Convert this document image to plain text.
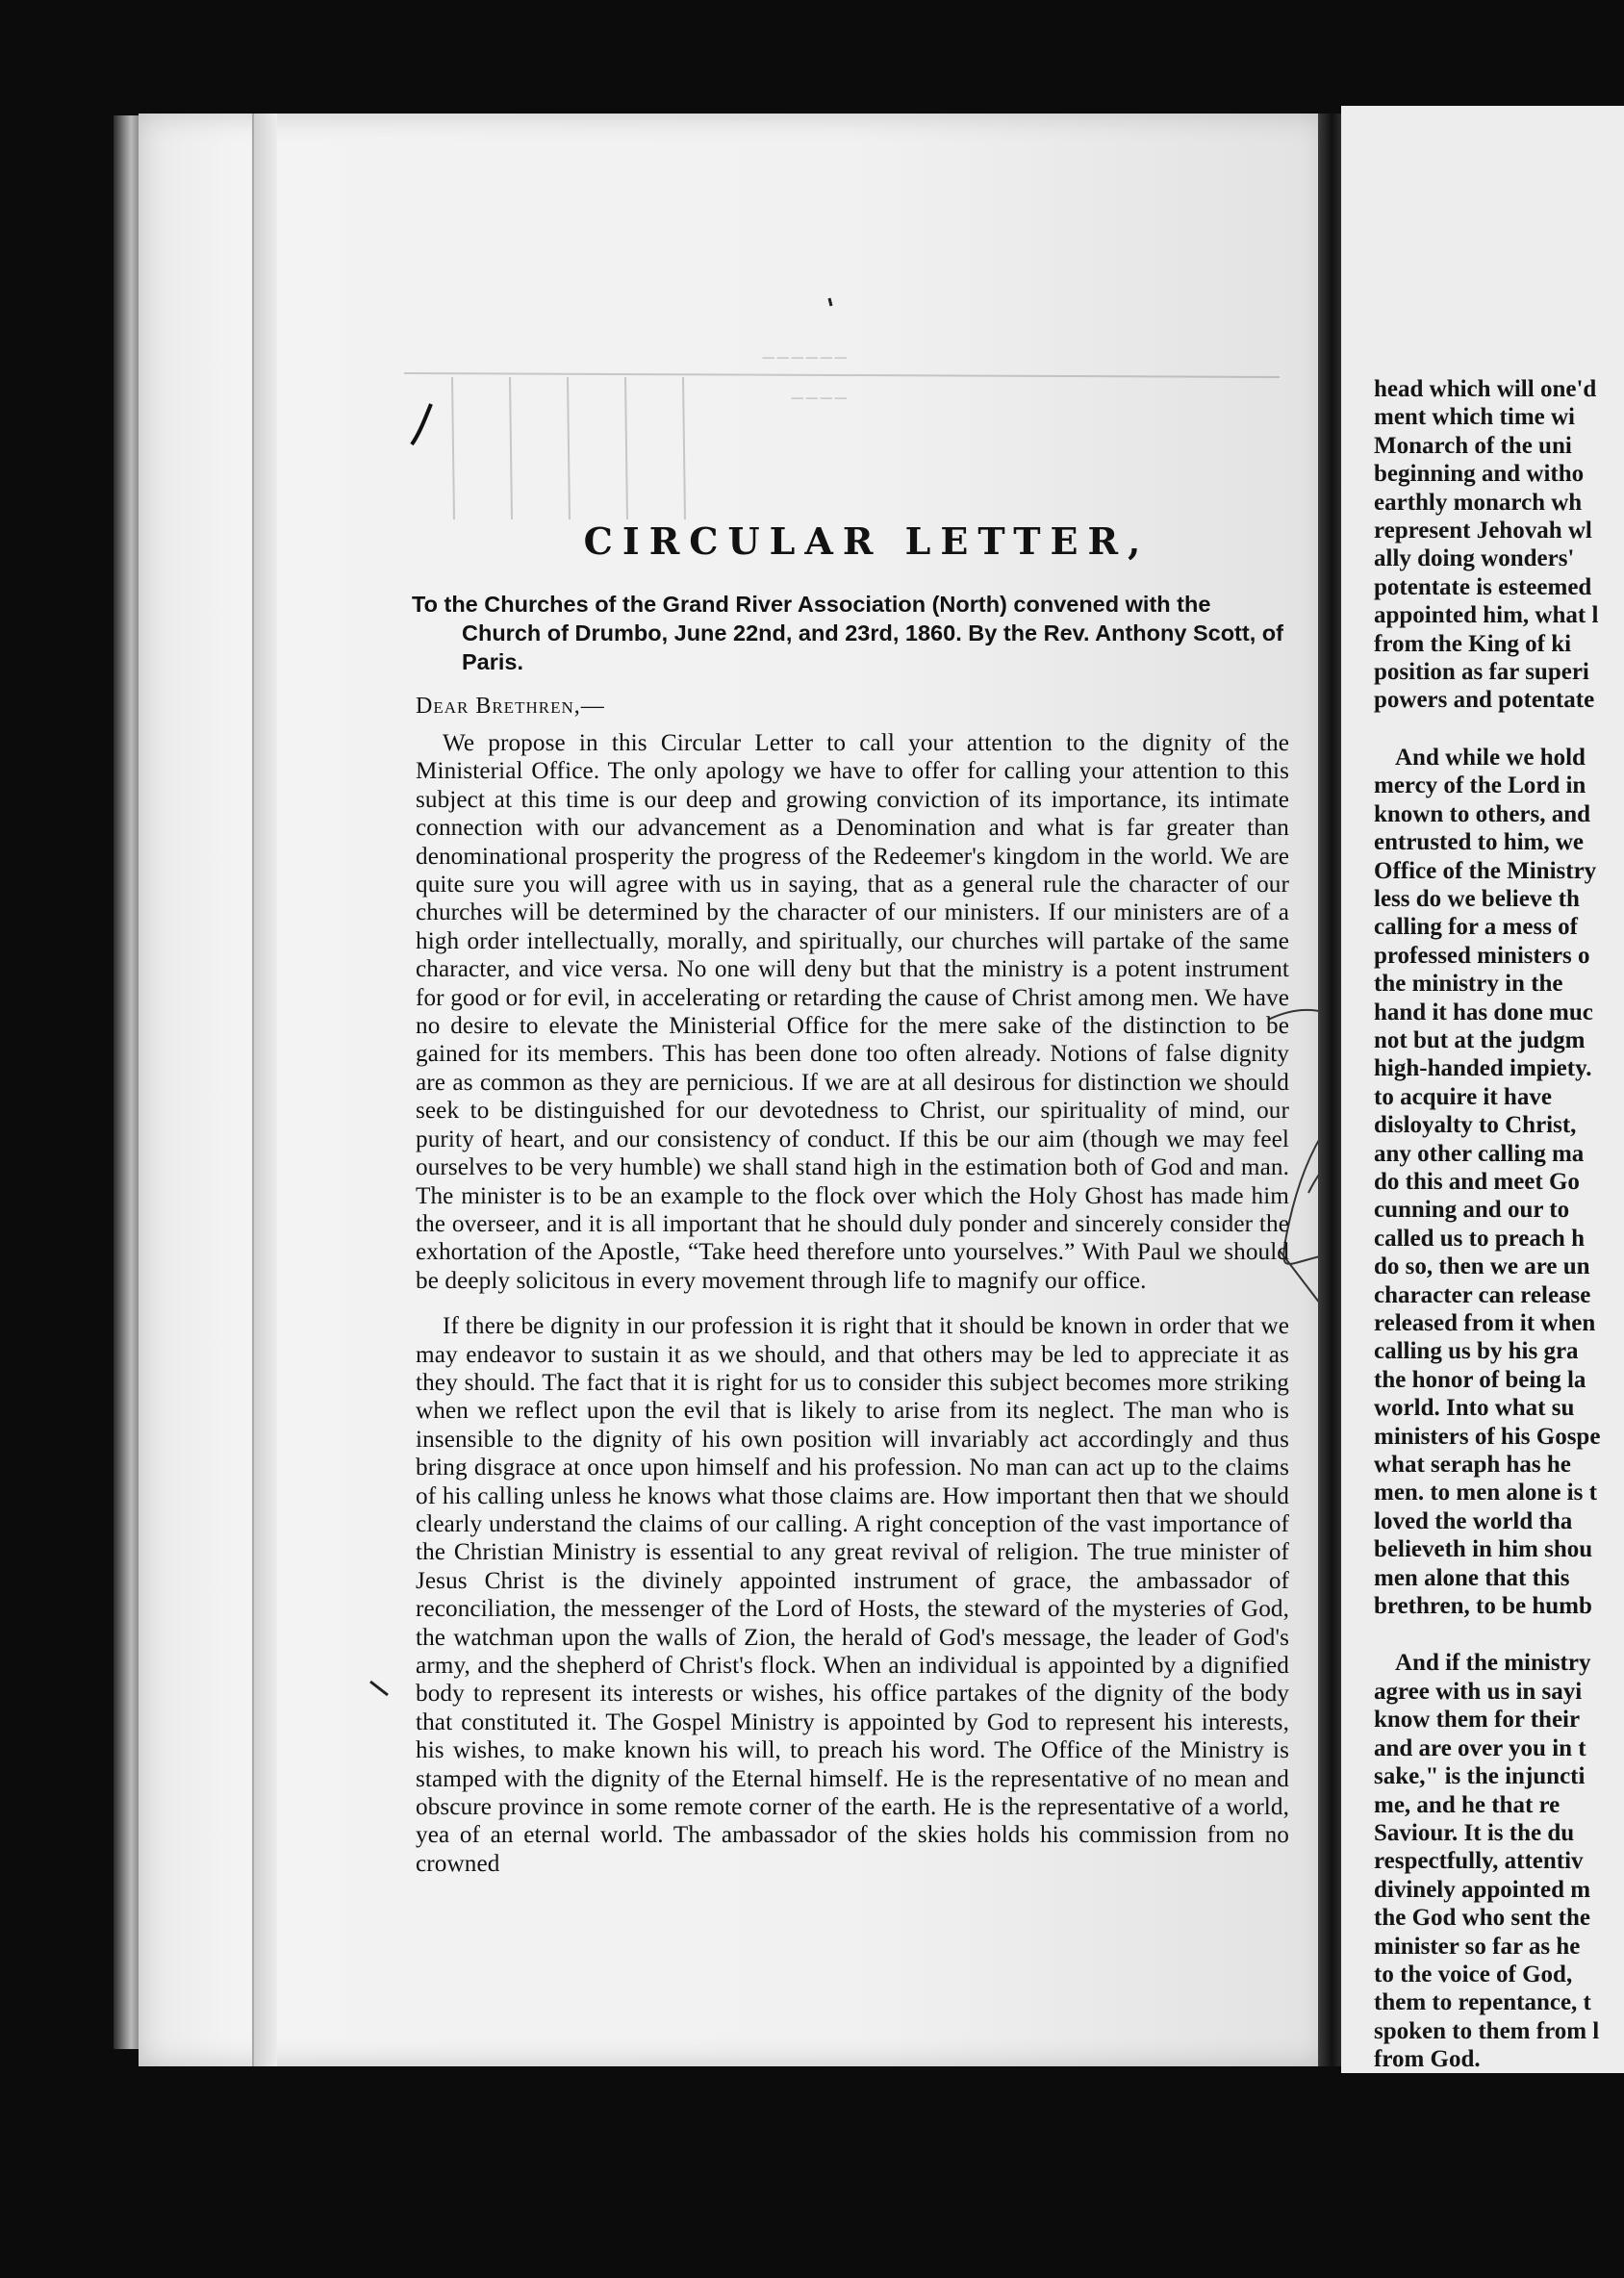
──────
────
CIRCULAR LETTER,

To the Churches of the Grand River Association (North) convened with the Church of Drumbo, June 22nd, and 23rd, 1860. By the Rev. Anthony Scott, of Paris.

Dear Brethren,—

We propose in this Circular Letter to call your attention to the dignity of the Ministerial Office. The only apology we have to offer for calling your attention to this subject at this time is our deep and growing conviction of its importance, its intimate connection with our advancement as a Denomination and what is far greater than denominational prosperity the progress of the Redeemer's kingdom in the world. We are quite sure you will agree with us in saying, that as a general rule the character of our churches will be determined by the character of our ministers. If our ministers are of a high order intellectually, morally, and spiritually, our churches will partake of the same character, and vice versa. No one will deny but that the ministry is a potent instrument for good or for evil, in accelerating or retarding the cause of Christ among men. We have no desire to elevate the Ministerial Office for the mere sake of the distinction to be gained for its members. This has been done too often already. Notions of false dignity are as common as they are pernicious. If we are at all desirous for distinction we should seek to be distinguished for our devotedness to Christ, our spirituality of mind, our purity of heart, and our consistency of conduct. If this be our aim (though we may feel ourselves to be very humble) we shall stand high in the estimation both of God and man. The minister is to be an example to the flock over which the Holy Ghost has made him the overseer, and it is all important that he should duly ponder and sincerely consider the exhortation of the Apostle, “Take heed therefore unto yourselves.” With Paul we should be deeply solicitous in every movement through life to magnify our office.

If there be dignity in our profession it is right that it should be known in order that we may endeavor to sustain it as we should, and that others may be led to appreciate it as they should. The fact that it is right for us to consider this subject becomes more striking when we reflect upon the evil that is likely to arise from its neglect. The man who is insensible to the dignity of his own position will invariably act accordingly and thus bring disgrace at once upon himself and his profession. No man can act up to the claims of his calling unless he knows what those claims are. How important then that we should clearly understand the claims of our calling. A right conception of the vast importance of the Christian Ministry is essential to any great revival of religion. The true minister of Jesus Christ is the divinely appointed instrument of grace, the ambassador of reconciliation, the messenger of the Lord of Hosts, the steward of the mysteries of God, the watchman upon the walls of Zion, the herald of God's message, the leader of God's army, and the shepherd of Christ's flock. When an individual is appointed by a dignified body to represent its interests or wishes, his office partakes of the dignity of the body that constituted it. The Gospel Ministry is appointed by God to represent his interests, his wishes, to make known his will, to preach his word. The Office of the Ministry is stamped with the dignity of the Eternal himself. He is the representative of no mean and obscure province in some remote corner of the earth. He is the representative of a world, yea of an eternal world. The ambassador of the skies holds his commission from no crowned

head which will one'd
ment which time wi
Monarch of the uni
beginning and witho
earthly monarch wh
represent Jehovah wl
ally doing wonders'
potentate is esteemed
appointed him, what l
from the King of ki
position as far superi
powers and potentate
And while we hold
mercy of the Lord in
known to others, and
entrusted to him, we
Office of the Ministry
less do we believe th
calling for a mess of
professed ministers o
the ministry in the
hand it has done muc
not but at the judgm
high-handed impiety.
to acquire it have
disloyalty to Christ,
any other calling ma
do this and meet Go
cunning and our to
called us to preach h
do so, then we are un
character can release
released from it when
calling us by his gra
the honor of being la
world. Into what su
ministers of his Gospe
what seraph has he
men. to men alone is t
loved the world tha
believeth in him shou
men alone that this
brethren, to be humb
And if the ministry
agree with us in sayi
know them for their
and are over you in t
sake," is the injuncti
me, and he that re
Saviour. It is the du
respectfully, attentiv
divinely appointed m
the God who sent the
minister so far as he
to the voice of God,
them to repentance, t
spoken to them from l
from God.
